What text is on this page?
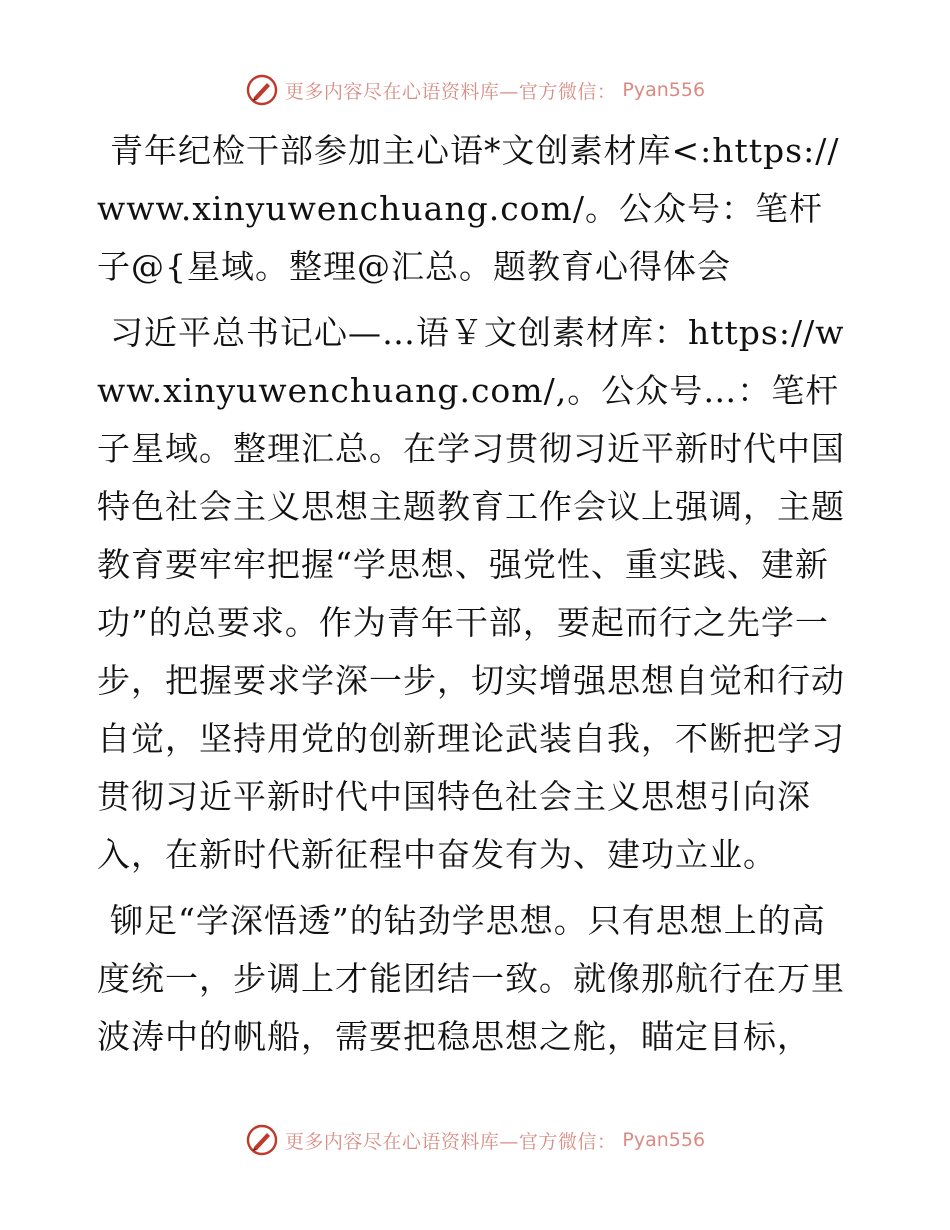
更多内容尽在心语资料库—官方微信： Pyan556

青年纪检干部参加主心语*文创素材库<:https://www.xinyuwenchuang.com/。公众号：笔杆子@{星域。整理@汇总。题教育心得体会

习近平总书记心—…语￥文创素材库：https://www.xinyuwenchuang.com/,。公众号…：笔杆子星域。整理汇总。在学习贯彻习近平新时代中国特色社会主义思想主题教育工作会议上强调，主题教育要牢牢把握“学思想、强党性、重实践、建新功”的总要求。作为青年干部，要起而行之先学一步，把握要求学深一步，切实增强思想自觉和行动自觉，坚持用党的创新理论武装自我，不断把学习贯彻习近平新时代中国特色社会主义思想引向深入，在新时代新征程中奋发有为、建功立业。

铆足“学深悟透”的钻劲学思想。只有思想上的高度统一，步调上才能团结一致。就像那航行在万里波涛中的帆船，需要把稳思想之舵，瞄定目标，

更多内容尽在心语资料库—官方微信： Pyan556
